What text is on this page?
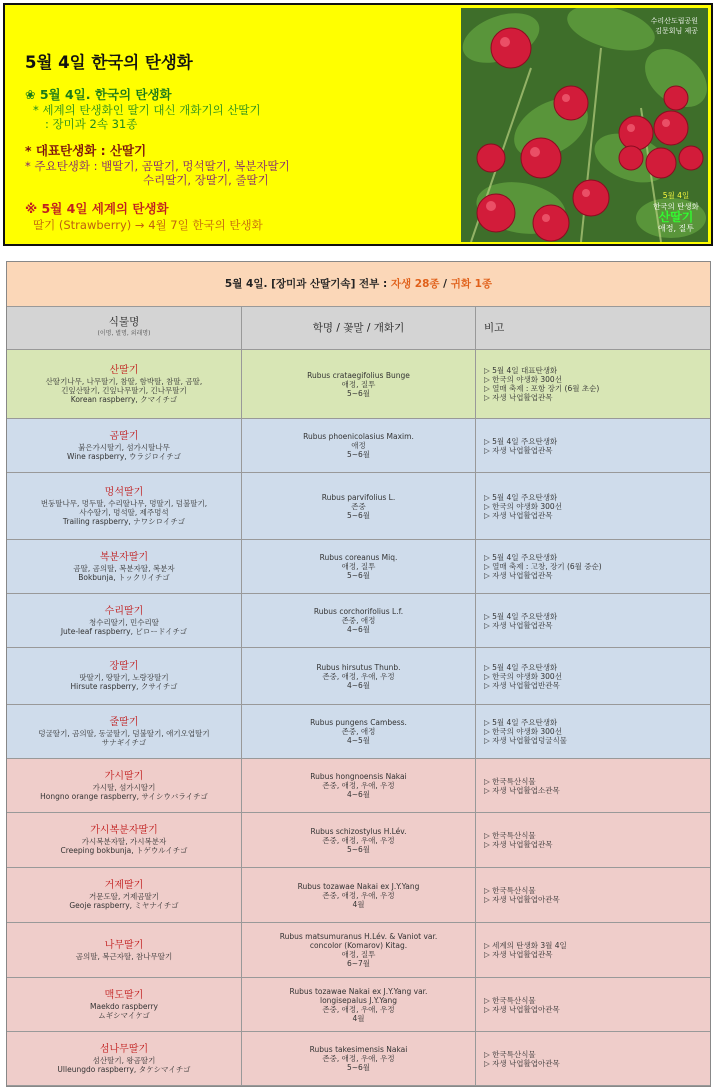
5월 4일 한국의 탄생화

❀ 5월 4일. 한국의 탄생화

* 세계의 탄생화인 딸기 대신 개화기의 산딸기

: 장미과 2속 31종

* 대표탄생화 : 산딸기

* 주요탄생화 : 뱀딸기, 곰딸기, 멍석딸기, 복분자딸기

수리딸기, 장딸기, 줄딸기

※ 5월 4일 세계의 탄생화

딸기 (Strawberry) → 4월 7일 한국의 탄생화

수리산도립공원
김문회님 제공
5월 4일
한국의 탄생화
산딸기
애정, 질투
5월 4일. [장미과 산딸기속] 전부 : 자생 28종 / 귀화 1종
식물명
(이명, 별명, 외래명)	학명 / 꽃말 / 개화기	비고
산딸기
산딸기나무, 나무딸기, 참딸, 함박딸, 참딸, 곰딸,
긴잎산딸기, 긴잎나무딸기, 긴나무딸기
Korean raspberry, クマイチゴ
Rubus crataegifolius Bunge
애정, 질투
5~6월
▷ 5월 4일 대표탄생화
▷ 한국의 야생화 300선
▷ 열매 축제 : 포항 장기 (6월 초순)
▷ 자생 낙엽활엽관목
곰딸기
붉은가시딸기, 섬가시딸나무
Wine raspberry, ウラジロイチゴ
Rubus phoenicolasius Maxim.
애정
5~6월
▷ 5월 4일 주요탄생화
▷ 자생 낙엽활엽관목
멍석딸기
번둥딸나무, 멍두딸, 수리딸나무, 멍딸기, 덤불딸기,
사수딸기, 멍석딸, 제주멍석
Trailing raspberry, ナワシロイチゴ
Rubus parvifolius L.
존중
5~6월
▷ 5월 4일 주요탄생화
▷ 한국의 야생화 300선
▷ 자생 낙엽활엽관목
복분자딸기
곰딸, 곰의딸, 복분자딸, 복분자
Bokbunja, トックリイチゴ
Rubus coreanus Miq.
애정, 질투
5~6월
▷ 5월 4일 주요탄생화
▷ 열매 축제 : 고창, 장기 (6월 중순)
▷ 자생 낙엽활엽관목
수리딸기
청수리딸기, 민수리딸
Jute-leaf raspberry, ビロードイチゴ
Rubus corchorifolius L.f.
존중, 애정
4~6월
▷ 5월 4일 주요탄생화
▷ 자생 낙엽활엽관목
장딸기
땃딸기, 땅딸기, 노랑장딸기
Hirsute raspberry, クサイチゴ
Rubus hirsutus Thunb.
존중, 애정, 우애, 우정
4~6월
▷ 5월 4일 주요탄생화
▷ 한국의 야생화 300선
▷ 자생 낙엽활엽반관목
줄딸기
덩굴딸기, 곰의딸, 동굴딸기, 덤불딸기, 애기오엽딸기
サナギイチゴ
Rubus pungens Cambess.
존중, 애정
4~5월
▷ 5월 4일 주요탄생화
▷ 한국의 야생화 300선
▷ 자생 낙엽활엽덩굴식물
가시딸기
가시딸, 섬가시딸기
Hongno orange raspberry, サイシウバライチゴ
Rubus hongnoensis Nakai
존중, 애정, 우애, 우정
4~6월
▷ 한국특산식물
▷ 자생 낙엽활엽소관목
가시복분자딸기
가시복분자딸, 가시복분자
Creeping bokbunja, トゲウルイチゴ
Rubus schizostylus H.Lév.
존중, 애정, 우애, 우정
5~6월
▷ 한국특산식물
▷ 자생 낙엽활엽관목
거제딸기
거문도딸, 거제곰딸기
Geoje raspberry, ミヤナイチゴ
Rubus tozawae Nakai ex J.Y.Yang
존중, 애정, 우애, 우정
4월
▷ 한국특산식물
▷ 자생 낙엽활엽아관목
나무딸기
곰의딸, 복근자딸, 참나무딸기
Rubus matsumuranus H.Lév. & Vaniot var.
concolor (Komarov) Kitag.
애정, 질투
6~7월
▷ 세계의 탄생화 3월 4일
▷ 자생 낙엽활엽관목
맥도딸기
Maekdo raspberry
ムギシマイケゴ
Rubus tozawae Nakai ex J.Y.Yang var.
longisepalus J.Y.Yang
존중, 애정, 우애, 우정
4월
▷ 한국특산식물
▷ 자생 낙엽활엽아관목
섬나무딸기
섬산딸기, 왕곰딸기
Ulleungdo raspberry, タケシマイチゴ
Rubus takesimensis Nakai
존중, 애정, 우애, 우정
5~6월
▷ 한국특산식물
▷ 자생 낙엽활엽아관목
